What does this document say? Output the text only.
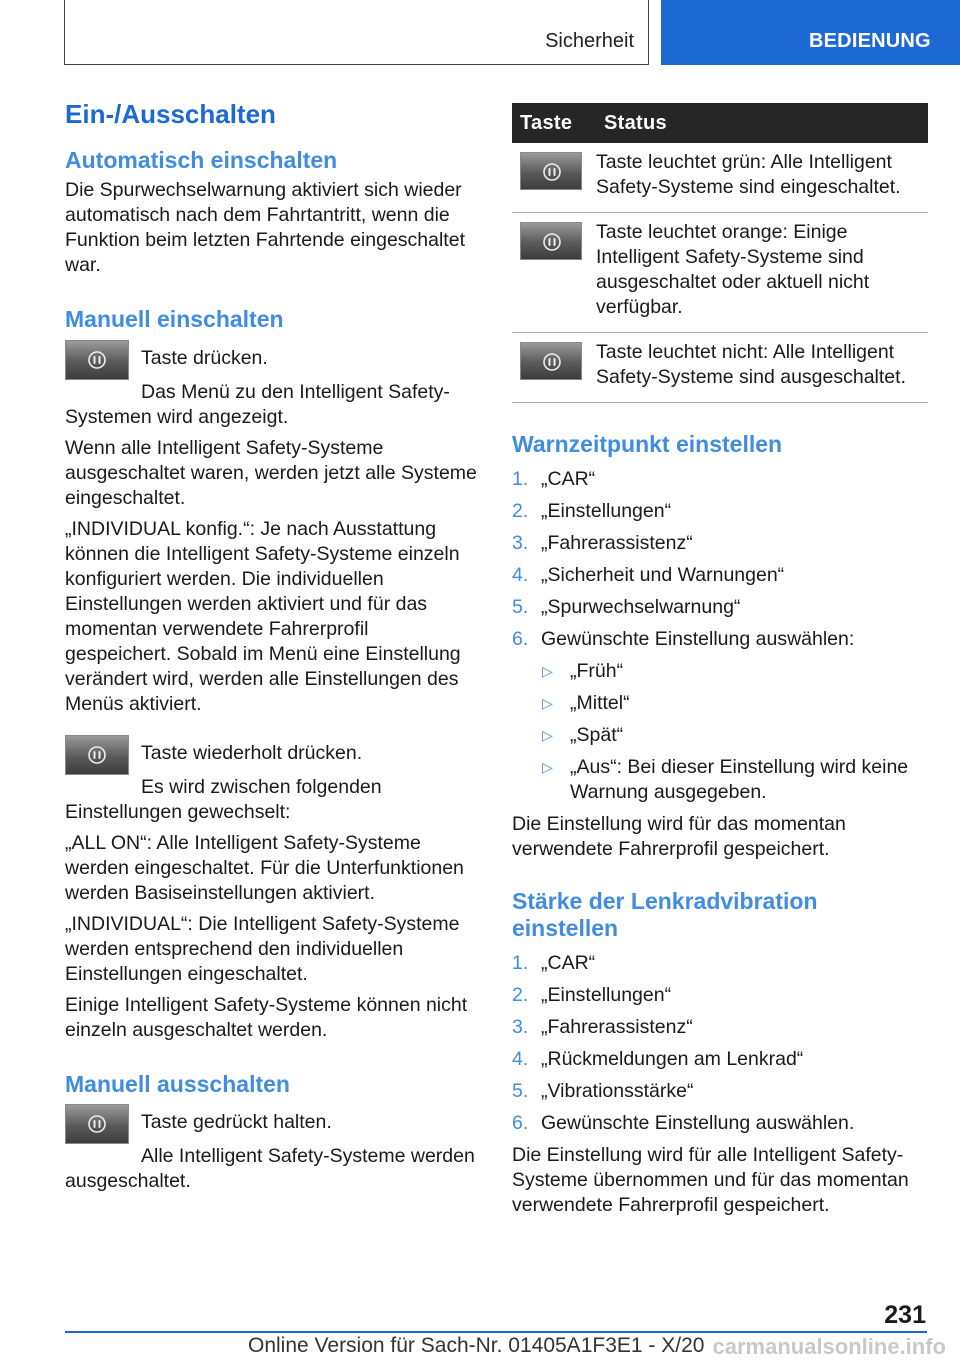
Sicherheit	BEDIENUNG
Ein-/Ausschalten
Automatisch einschalten

Die Spurwechselwarnung aktiviert sich wieder automatisch nach dem Fahrtantritt, wenn die Funktion beim letzten Fahrtende eingeschaltet war.

Manuell einschalten

Taste drücken.

Das Menü zu den Intelligent Safety-Systemen wird angezeigt.

Wenn alle Intelligent Safety-Systeme ausgeschaltet waren, werden jetzt alle Systeme eingeschaltet.

„INDIVIDUAL konfig.“: Je nach Ausstattung können die Intelligent Safety-Systeme einzeln konfiguriert werden. Die individuellen Einstellungen werden aktiviert und für das momentan verwendete Fahrerprofil gespeichert. Sobald im Menü eine Einstellung verändert wird, werden alle Einstellungen des Menüs aktiviert.

Taste wiederholt drücken.

Es wird zwischen folgenden Einstellungen gewechselt:

„ALL ON“: Alle Intelligent Safety-Systeme werden eingeschaltet. Für die Unterfunktionen werden Basiseinstellungen aktiviert.

„INDIVIDUAL“: Die Intelligent Safety-Systeme werden entsprechend den individuellen Einstellungen eingeschaltet.

Einige Intelligent Safety-Systeme können nicht einzeln ausgeschaltet werden.

Manuell ausschalten

Taste gedrückt halten.

Alle Intelligent Safety-Systeme werden ausgeschaltet.

Taste	Status

	Taste leuchtet grün: Alle Intelligent Safety-Systeme sind eingeschaltet.

	Taste leuchtet orange: Einige Intelligent Safety-Systeme sind ausgeschaltet oder aktuell nicht verfügbar.

	Taste leuchtet nicht: Alle Intelligent Safety-Systeme sind ausgeschaltet.
Warnzeitpunkt einstellen
1. „CAR“
2. „Einstellungen“
3. „Fahrerassistenz“
4. „Sicherheit und Warnungen“
5. „Spurwechselwarnung“
6. Gewünschte Einstellung auswählen:
▷ „Früh“
▷ „Mittel“
▷ „Spät“
▷ „Aus“: Bei dieser Einstellung wird keine Warnung ausgegeben.

Die Einstellung wird für das momentan verwendete Fahrerprofil gespeichert.

Stärke der Lenkradvibration einstellen
1. „CAR“
2. „Einstellungen“
3. „Fahrerassistenz“
4. „Rückmeldungen am Lenkrad“
5. „Vibrationsstärke“
6. Gewünschte Einstellung auswählen.

Die Einstellung wird für alle Intelligent Safety-Systeme übernommen und für das momentan verwendete Fahrerprofil gespeichert.

231
Online Version für Sach-Nr. 01405A1F3E1 - X/20 carmanualsonline.info
